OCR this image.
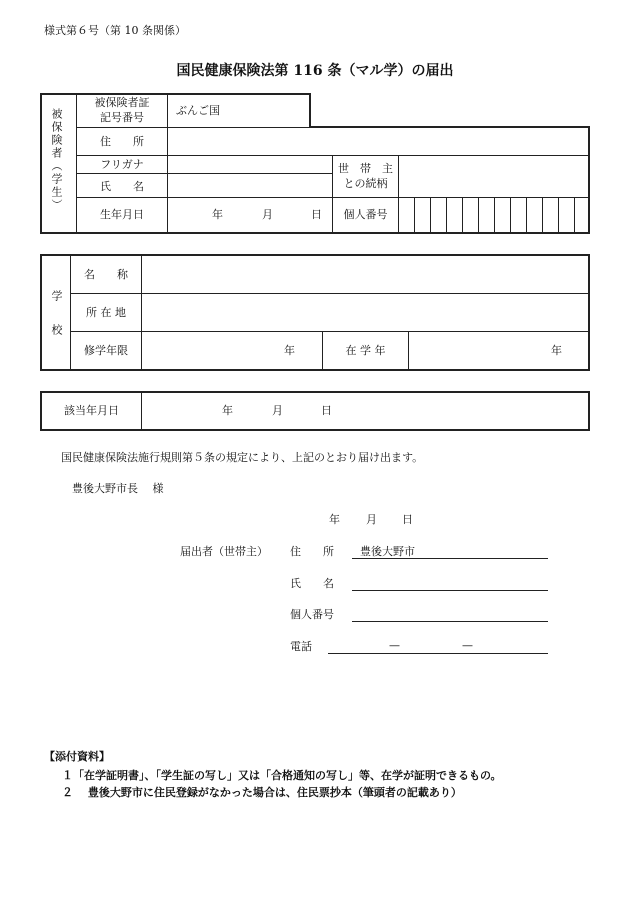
様式第６号（第 10 条関係）
国民健康保険法第 116 条（マル学）の届出
被保険者（学生）
被保険者証
記号番号
ぶんご国
住　　所
フリガナ
氏　　名
世　帯　主
との続柄
生年月日	年	月	日	個人番号
学　校
名　　称
所 在 地
修学年限	年	在 学 年	年
該当年月日	年	月	日
国民健康保険法施行規則第５条の規定により、上記のとおり届け出ます。
豊後大野市長　 様
年 月 日
届出者（世帯主） 住　　所 豊後大野市
氏　　名
個人番号
電話	—	—
【添付資料】
１「在学証明書」、「学生証の写し」又は「合格通知の写し」等、在学が証明できるもの。
２　 豊後大野市に住民登録がなかった場合は、住民票抄本（筆頭者の記載あり）
